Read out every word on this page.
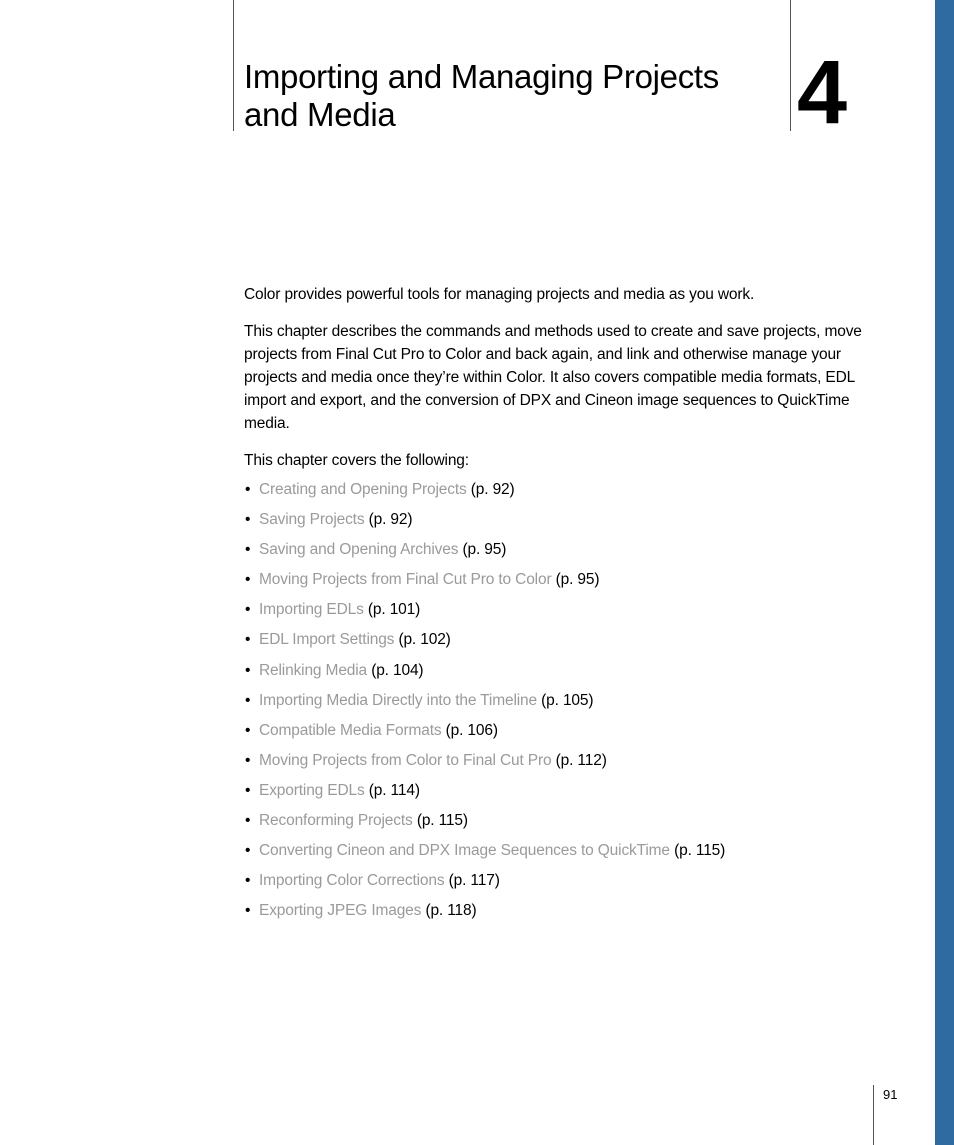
Importing and Managing Projects and Media	4

Color provides powerful tools for managing projects and media as you work.

This chapter describes the commands and methods used to create and save projects, move projects from Final Cut Pro to Color and back again, and link and otherwise manage your projects and media once they’re within Color. It also covers compatible media formats, EDL import and export, and the conversion of DPX and Cineon image sequences to QuickTime media.

This chapter covers the following:

• Creating and Opening Projects (p. 92)
• Saving Projects (p. 92)
• Saving and Opening Archives (p. 95)
• Moving Projects from Final Cut Pro to Color (p. 95)
• Importing EDLs (p. 101)
• EDL Import Settings (p. 102)
• Relinking Media (p. 104)
• Importing Media Directly into the Timeline (p. 105)
• Compatible Media Formats (p. 106)
• Moving Projects from Color to Final Cut Pro (p. 112)
• Exporting EDLs (p. 114)
• Reconforming Projects (p. 115)
• Converting Cineon and DPX Image Sequences to QuickTime (p. 115)
• Importing Color Corrections (p. 117)
• Exporting JPEG Images (p. 118)
91
